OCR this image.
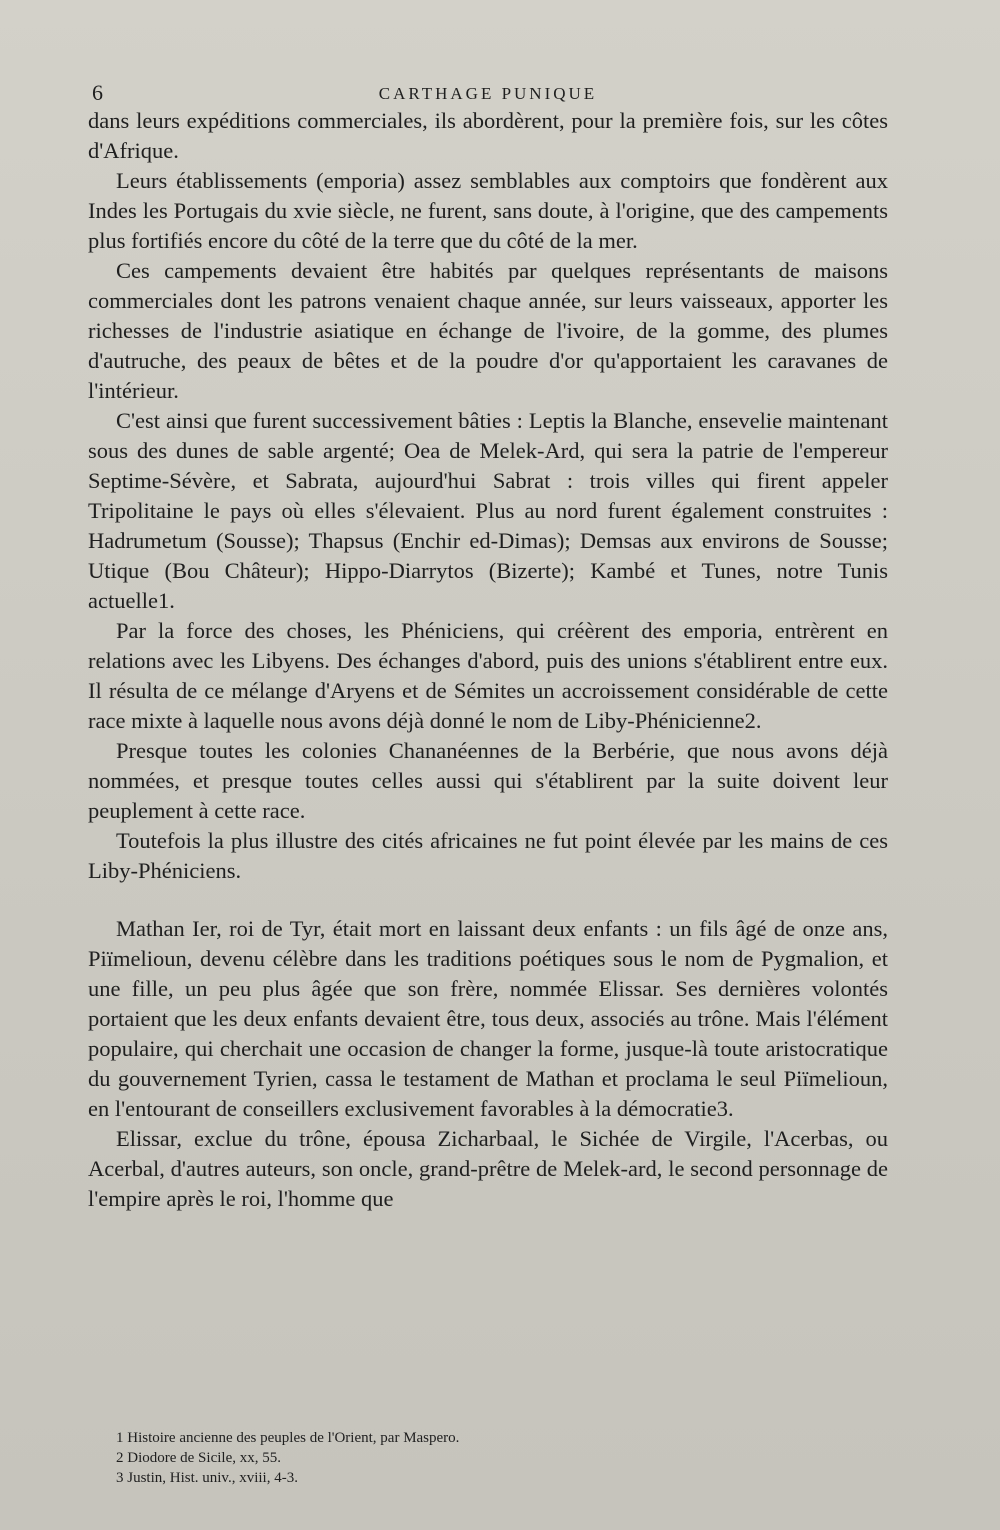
6	CARTHAGE PUNIQUE

dans leurs expéditions commerciales, ils abordèrent, pour la première fois, sur les côtes d'Afrique.

Leurs établissements (emporia) assez semblables aux comptoirs que fondèrent aux Indes les Portugais du xvie siècle, ne furent, sans doute, à l'origine, que des campements plus fortifiés encore du côté de la terre que du côté de la mer.

Ces campements devaient être habités par quelques représentants de maisons commerciales dont les patrons venaient chaque année, sur leurs vaisseaux, apporter les richesses de l'industrie asiatique en échange de l'ivoire, de la gomme, des plumes d'autruche, des peaux de bêtes et de la poudre d'or qu'apportaient les caravanes de l'intérieur.

C'est ainsi que furent successivement bâties : Leptis la Blanche, ensevelie maintenant sous des dunes de sable argenté; Oea de Melek-Ard, qui sera la patrie de l'empereur Septime-Sévère, et Sabrata, aujourd'hui Sabrat : trois villes qui firent appeler Tripolitaine le pays où elles s'élevaient. Plus au nord furent également construites : Hadrumetum (Sousse); Thapsus (Enchir ed-Dimas); Demsas aux environs de Sousse; Utique (Bou Châteur); Hippo-Diarrytos (Bizerte); Kambé et Tunes, notre Tunis actuelle1.

Par la force des choses, les Phéniciens, qui créèrent des emporia, entrèrent en relations avec les Libyens. Des échanges d'abord, puis des unions s'établirent entre eux. Il résulta de ce mélange d'Aryens et de Sémites un accroissement considérable de cette race mixte à laquelle nous avons déjà donné le nom de Liby-Phénicienne2.

Presque toutes les colonies Chananéennes de la Berbérie, que nous avons déjà nommées, et presque toutes celles aussi qui s'établirent par la suite doivent leur peuplement à cette race.

Toutefois la plus illustre des cités africaines ne fut point élevée par les mains de ces Liby-Phéniciens.

Mathan Ier, roi de Tyr, était mort en laissant deux enfants : un fils âgé de onze ans, Piïmelioun, devenu célèbre dans les traditions poétiques sous le nom de Pygmalion, et une fille, un peu plus âgée que son frère, nommée Elissar. Ses dernières volontés portaient que les deux enfants devaient être, tous deux, associés au trône. Mais l'élément populaire, qui cherchait une occasion de changer la forme, jusque-là toute aristocratique du gouvernement Tyrien, cassa le testament de Mathan et proclama le seul Piïmelioun, en l'entourant de conseillers exclusivement favorables à la démocratie3.

Elissar, exclue du trône, épousa Zicharbaal, le Sichée de Virgile, l'Acerbas, ou Acerbal, d'autres auteurs, son oncle, grand-prêtre de Melek-ard, le second personnage de l'empire après le roi, l'homme que

1 Histoire ancienne des peuples de l'Orient, par Maspero.
2 Diodore de Sicile, xx, 55.
3 Justin, Hist. univ., xviii, 4-3.
